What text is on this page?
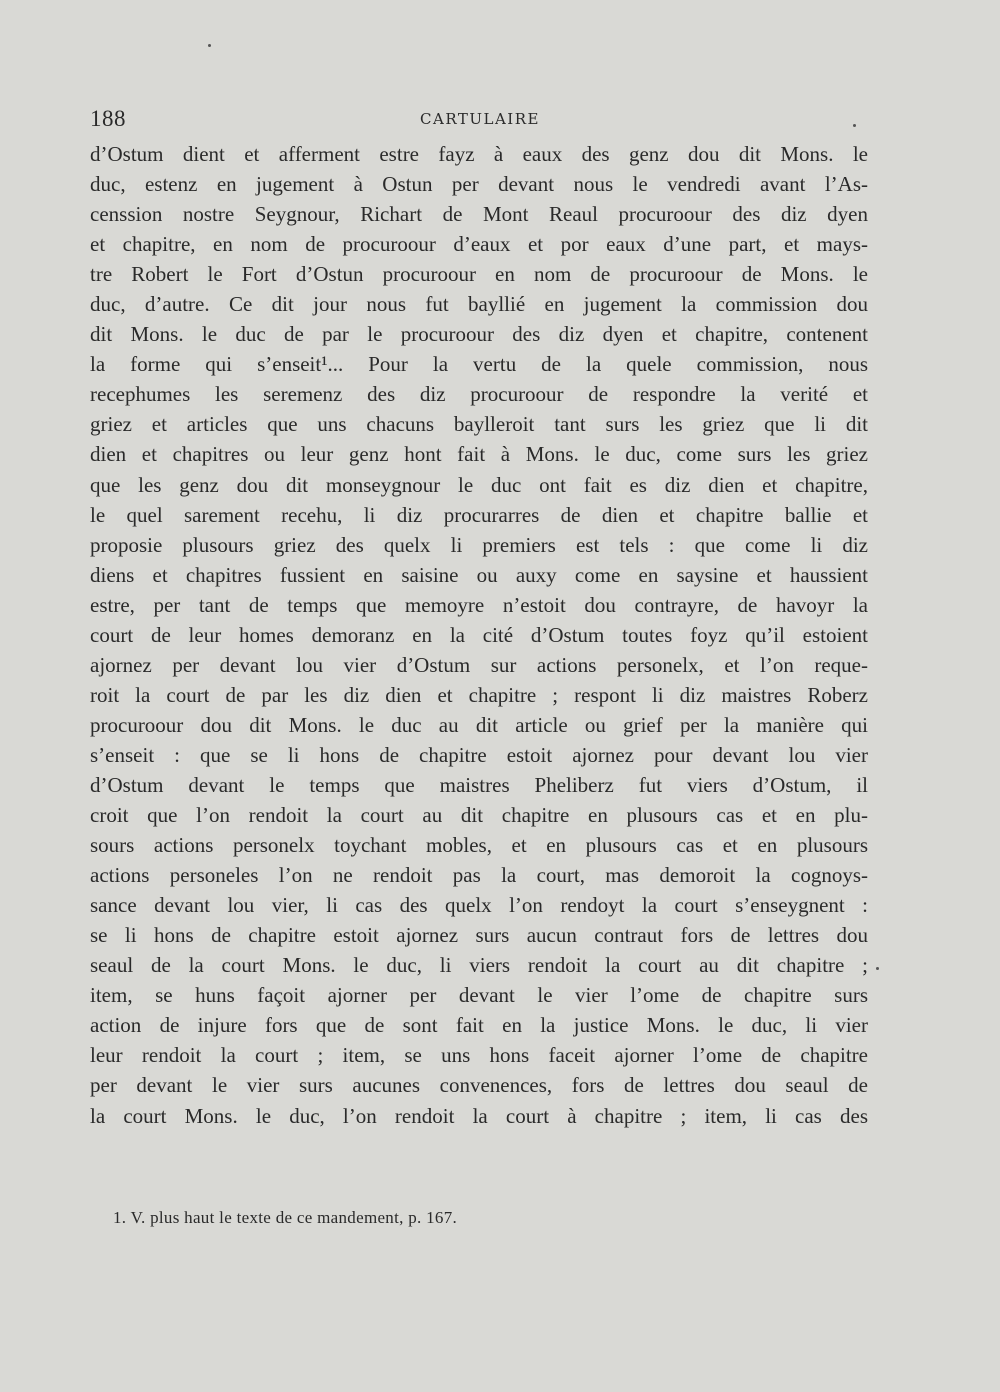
188	CARTULAIRE
d’Ostum dient et afferment estre fayz à eaux des genz dou dit Mons. le
duc, estenz en jugement à Ostun per devant nous le vendredi avant l’As-
censsion nostre Seygnour, Richart de Mont Reaul procuroour des diz dyen
et chapitre, en nom de procuroour d’eaux et por eaux d’une part, et mays-
tre Robert le Fort d’Ostun procuroour en nom de procuroour de Mons. le
duc, d’autre. Ce dit jour nous fut bayllié en jugement la commission dou
dit Mons. le duc de par le procuroour des diz dyen et chapitre, contenent
la forme qui s’enseit¹... Pour la vertu de la quele commission, nous
recephumes les seremenz des diz procuroour de respondre la verité et
griez et articles que uns chacuns baylleroit tant surs les griez que li dit
dien et chapitres ou leur genz hont fait à Mons. le duc, come surs les griez
que les genz dou dit monseygnour le duc ont fait es diz dien et chapitre,
le quel sarement recehu, li diz procurarres de dien et chapitre ballie et
proposie plusours griez des quelx li premiers est tels : que come li diz
diens et chapitres fussient en saisine ou auxy come en saysine et haussient
estre, per tant de temps que memoyre n’estoit dou contrayre, de havoyr la
court de leur homes demoranz en la cité d’Ostum toutes foyz qu’il estoient
ajornez per devant lou vier d’Ostum sur actions personelx, et l’on reque-
roit la court de par les diz dien et chapitre ; respont li diz maistres Roberz
procuroour dou dit Mons. le duc au dit article ou grief per la manière qui
s’enseit : que se li hons de chapitre estoit ajornez pour devant lou vier
d’Ostum devant le temps que maistres Pheliberz fut viers d’Ostum, il
croit que l’on rendoit la court au dit chapitre en plusours cas et en plu-
sours actions personelx toychant mobles, et en plusours cas et en plusours
actions personeles l’on ne rendoit pas la court, mas demoroit la cognoys-
sance devant lou vier, li cas des quelx l’on rendoyt la court s’enseygnent :
se li hons de chapitre estoit ajornez surs aucun contraut fors de lettres dou
seaul de la court Mons. le duc, li viers rendoit la court au dit chapitre ;
item, se huns façoit ajorner per devant le vier l’ome de chapitre surs
action de injure fors que de sont fait en la justice Mons. le duc, li vier
leur rendoit la court ; item, se uns hons faceit ajorner l’ome de chapitre
per devant le vier surs aucunes convenences, fors de lettres dou seaul de
la court Mons. le duc, l’on rendoit la court à chapitre ; item, li cas des
1. V. plus haut le texte de ce mandement, p. 167.
